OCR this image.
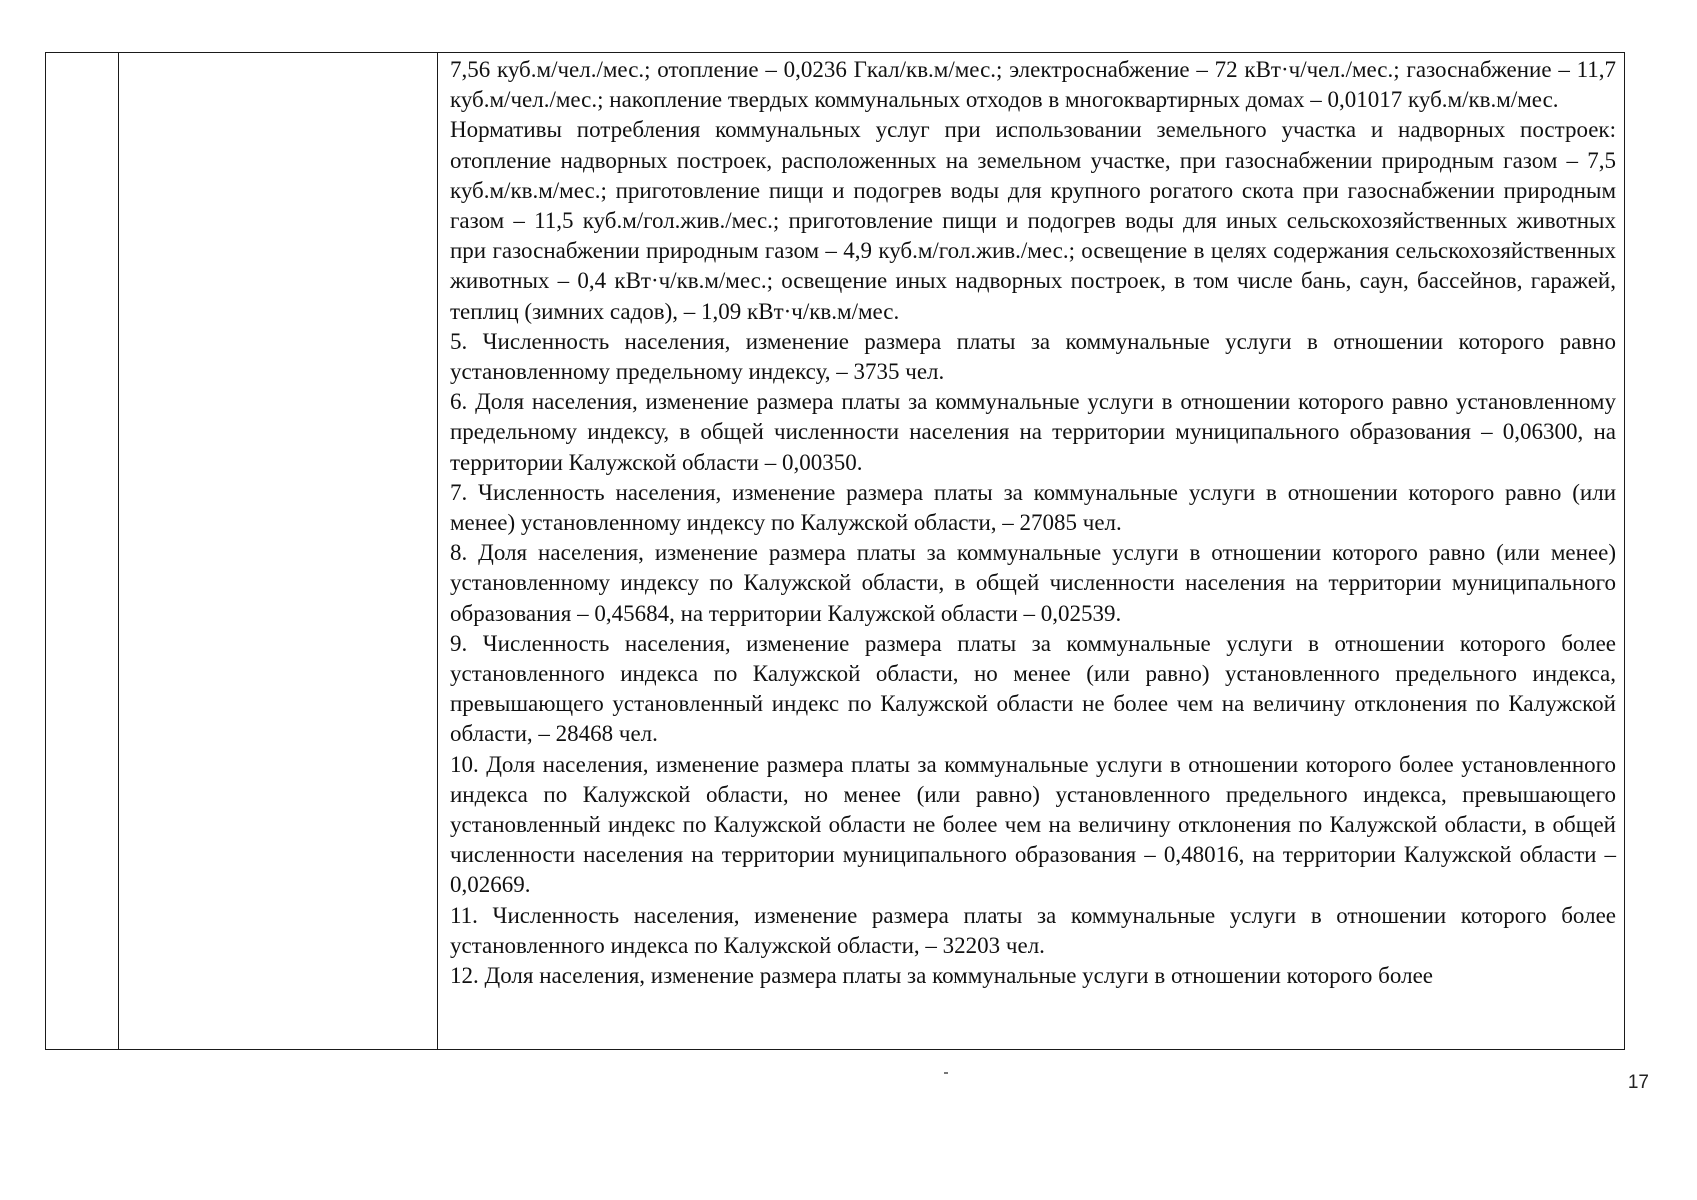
7,56 куб.м/чел./мес.; отопление – 0,0236 Гкал/кв.м/мес.; электроснабжение – 72 кВт·ч/чел./мес.; газоснабжение – 11,7 куб.м/чел./мес.; накопление твердых коммунальных отходов в многоквартирных домах – 0,01017 куб.м/кв.м/мес.

Нормативы потребления коммунальных услуг при использовании земельного участка и надворных построек: отопление надворных построек, расположенных на земельном участке, при газоснабжении природным газом – 7,5 куб.м/кв.м/мес.; приготовление пищи и подогрев воды для крупного рогатого скота при газоснабжении природным газом – 11,5 куб.м/гол.жив./мес.; приготовление пищи и подогрев воды для иных сельскохозяйственных животных при газоснабжении природным газом – 4,9 куб.м/гол.жив./мес.; освещение в целях содержания сельскохозяйственных животных – 0,4 кВт·ч/кв.м/мес.; освещение иных надворных построек, в том числе бань, саун, бассейнов, гаражей, теплиц (зимних садов), – 1,09 кВт·ч/кв.м/мес.

5. Численность населения, изменение размера платы за коммунальные услуги в отношении которого равно установленному предельному индексу, – 3735 чел.

6. Доля населения, изменение размера платы за коммунальные услуги в отношении которого равно установленному предельному индексу, в общей численности населения на территории муниципального образования – 0,06300, на территории Калужской области – 0,00350.

7. Численность населения, изменение размера платы за коммунальные услуги в отношении которого равно (или менее) установленному индексу по Калужской области, – 27085 чел.

8. Доля населения, изменение размера платы за коммунальные услуги в отношении которого равно (или менее) установленному индексу по Калужской области, в общей численности населения на территории муниципального образования – 0,45684, на территории Калужской области – 0,02539.

9. Численность населения, изменение размера платы за коммунальные услуги в отношении которого более установленного индекса по Калужской области, но менее (или равно) установленного предельного индекса, превышающего установленный индекс по Калужской области не более чем на величину отклонения по Калужской области, – 28468 чел.

10. Доля населения, изменение размера платы за коммунальные услуги в отношении которого более установленного индекса по Калужской области, но менее (или равно) установленного предельного индекса, превышающего установленный индекс по Калужской области не более чем на величину отклонения по Калужской области, в общей численности населения на территории муниципального образования – 0,48016, на территории Калужской области – 0,02669.

11. Численность населения, изменение размера платы за коммунальные услуги в отношении которого более установленного индекса по Калужской области, – 32203 чел.

12. Доля населения, изменение размера платы за коммунальные услуги в отношении которого более

17
